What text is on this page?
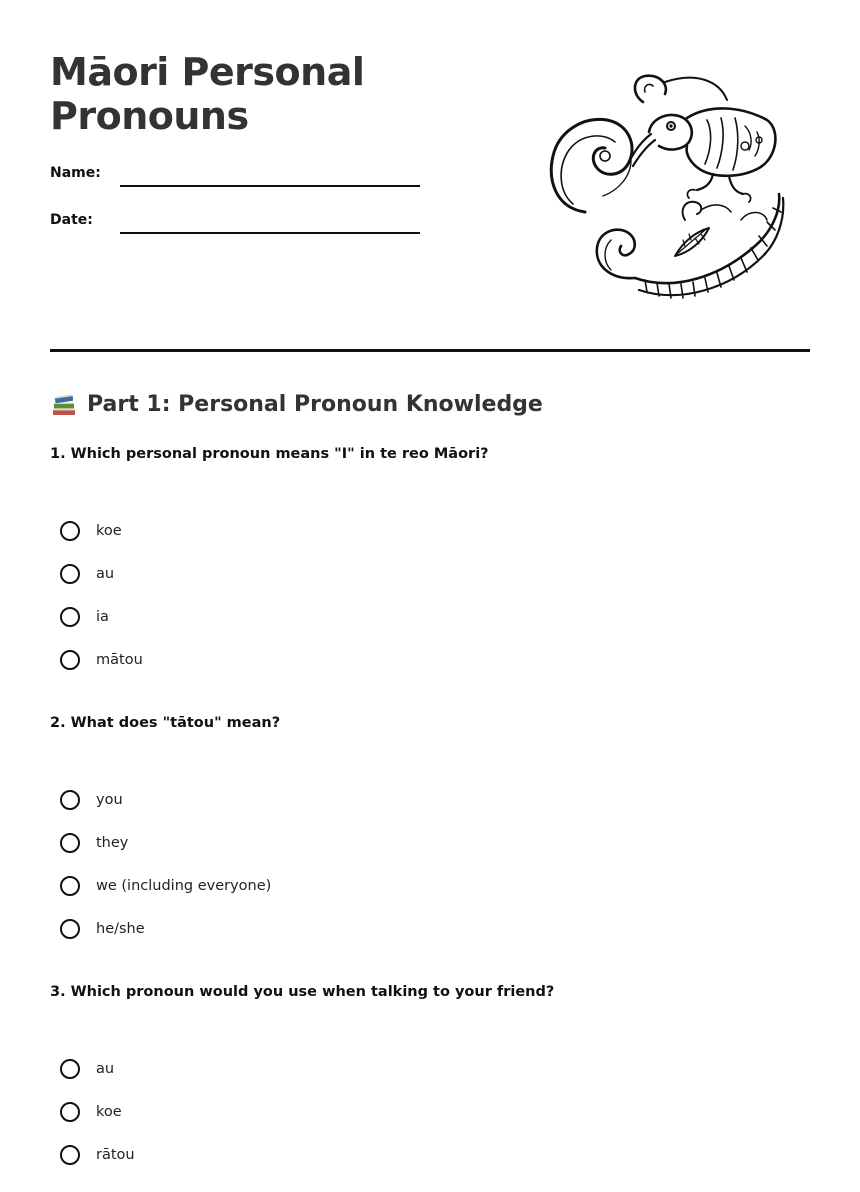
Māori Personal
Pronouns
Name:
Date:
Part 1: Personal Pronoun Knowledge

1. Which personal pronoun means "I" in te reo Māori?

koe
au
ia
mātou

2. What does "tātou" mean?

you
they
we (including everyone)
he/she

3. Which pronoun would you use when talking to your friend?

au
koe
rātou
